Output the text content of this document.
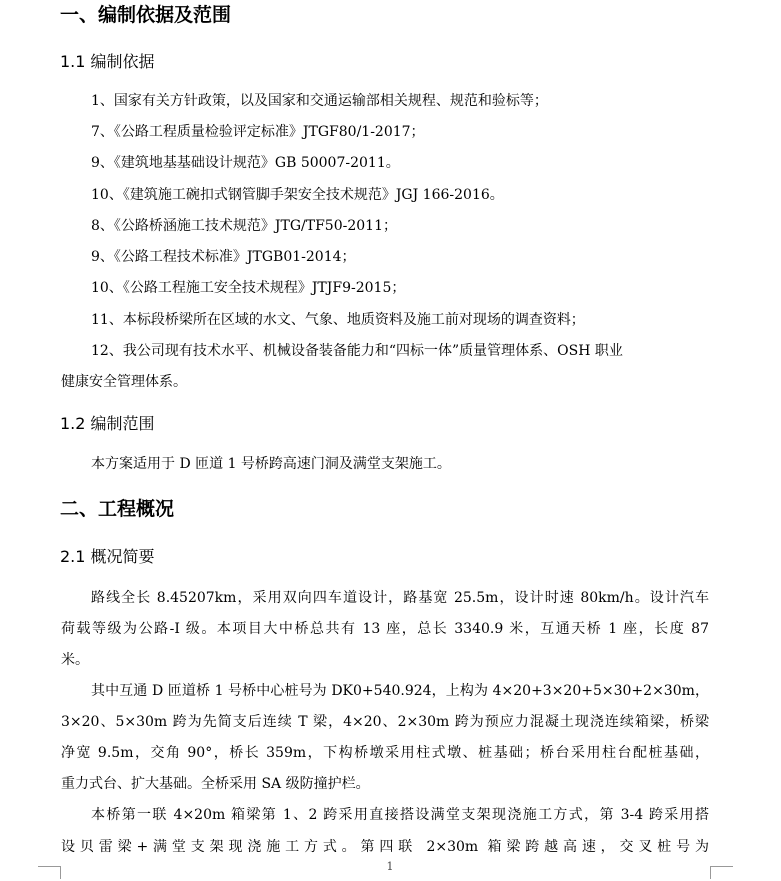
一、编制依据及范围
1.1 编制依据
1、国家有关方针政策，以及国家和交通运输部相关规程、规范和验标等；
7、《公路工程质量检验评定标准》JTGF80/1-2017；
9、《建筑地基基础设计规范》GB 50007-2011。
10、《建筑施工碗扣式钢管脚手架安全技术规范》JGJ 166-2016。
8、《公路桥涵施工技术规范》JTG/TF50-2011；
9、《公路工程技术标准》JTGB01-2014；
10、《公路工程施工安全技术规程》JTJF9-2015；
11、本标段桥梁所在区域的水文、气象、地质资料及施工前对现场的调查资料；
12、我公司现有技术水平、机械设备装备能力和“四标一体”质量管理体系、OSH 职业
健康安全管理体系。
1.2 编制范围
本方案适用于 D 匝道 1 号桥跨高速门洞及满堂支架施工。
二、工程概况
2.1 概况简要
路线全长 8.45207km，采用双向四车道设计，路基宽 25.5m，设计时速 80km/h。设计汽车
荷载等级为公路-I 级。本项目大中桥总共有 13 座，总长 3340.9 米，互通天桥 1 座，长度 87
米。
其中互通 D 匝道桥 1 号桥中心桩号为 DK0+540.924，上构为 4×20+3×20+5×30+2×30m，
3×20、5×30m 跨为先简支后连续 T 梁，4×20、2×30m 跨为预应力混凝土现浇连续箱梁，桥梁
净宽 9.5m，交角 90°，桥长 359m，下构桥墩采用柱式墩、桩基础；桥台采用柱台配桩基础，
重力式台、扩大基础。全桥采用 SA 级防撞护栏。
本桥第一联 4×20m 箱梁第 1、2 跨采用直接搭设满堂支架现浇施工方式，第 3-4 跨采用搭
设贝雷梁+满堂支架现浇施工方式。第四联 2×30m 箱梁跨越高速，交叉桩号为
1
